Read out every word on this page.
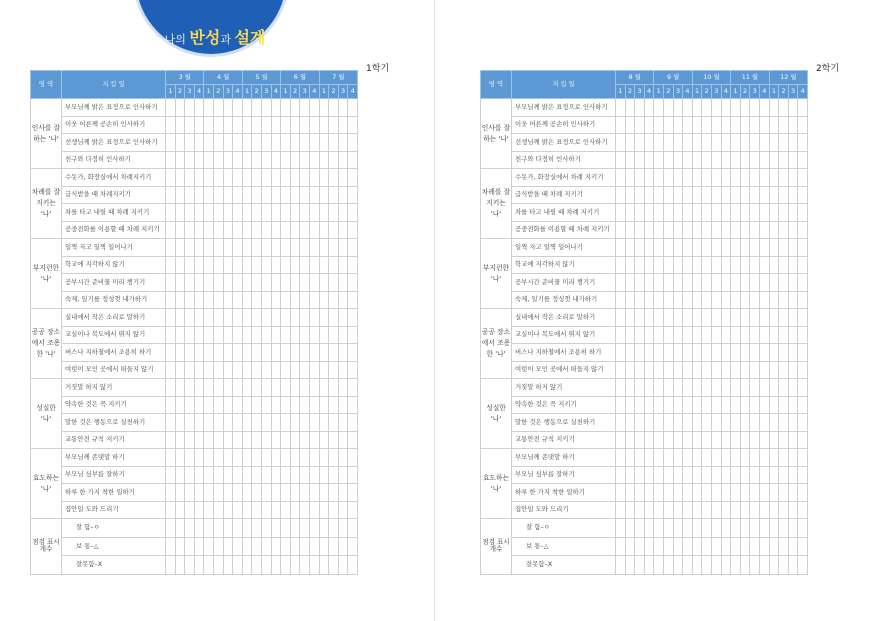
나의 반성과 설계
1학기	2학기
영 역	지 킬 일	3 월				4 월				5 월				6 월				7 월			
		1	2	3	4	1	2	3	4	1	2	3	4	1	2	3	4	1	2	3	4
인사를 잘하는 '나'	부모님께 밝은 표정으로 인사하기																				
	이웃 어른께 공손히 인사하기																				
	선생님께 밝은 표정으로 인사하기																				
	친구와 다정히 인사하기																				
차례를 잘 지키는 '나'	수돗가, 화장실에서 차례지키기																				
	급식받을 때 차례지키기																				
	차를 타고 내릴 때 차례 지키기																				
	공중전화를 이용할 때 차례 지키기																				
부지런한 '나'	일찍 자고 일찍 일어나기																				
	학교에 지각하지 않기																				
	공부시간 준비물 미리 챙기기																				
	숙제, 일기를 정성껏 내가하기																				
공공 장소에서 조용한 '나'	실내에서 작은 소리로 말하기																				
	교실이나 복도에서 뛰지 않기																				
	버스나 지하철에서 조용히 하기																				
	여럿이 모인 곳에서 떠들지 않기																				
성실한 '나'	거짓말 하지 않기																				
	약속한 것은 꼭 지키기																				
	말한 것은 행동으로 실천하기																				
	교통안전 규칙 지키기																				
효도하는 '나'	부모님께 존댓말 하기																				
	부모님 심부름 잘하기																				
	하루 한 가지 착한 일하기																				
	집안일 도와 드리기																				
점검 표시 개수	잘 함–ㅇ																				
	보 통–△																				
	잘못함–X																				
영 역	지 킬 일	8 월				9 월				10 월				11 월				12 월			
		1	2	3	4	1	2	3	4	1	2	3	4	1	2	3	4	1	2	3	4
인사를 잘하는 '나'	부모님께 밝은 표정으로 인사하기																				
	이웃 어른께 공손히 인사하기																				
	선생님께 밝은 표정으로 인사하기																				
	친구와 다정히 인사하기																				
차례를 잘 지키는 '나'	수돗가, 화장실에서 차례 지키기																				
	급식받을 때 차례 지키기																				
	차를 타고 내릴 때 차례 지키기																				
	공중전화를 이용할 때 차례 지키기																				
부지런한 '나'	일찍 자고 일찍 일어나기																				
	학교에 지각하지 않기																				
	공부시간 준비물 미리 챙기기																				
	숙제, 일기를 정성껏 내가하기																				
공공 장소에서 조용한 '나'	실내에서 작은 소리로 말하기																				
	교실이나 복도에서 뛰지 않기																				
	버스나 지하철에서 조용히 하기																				
	여럿이 모인 곳에서 떠들지 않기																				
성실한 '나'	거짓말 하지 않기																				
	약속한 것은 꼭 지키기																				
	말한 것은 행동으로 실천하기																				
	교통안전 규칙 지키기																				
효도하는 '나'	부모님께 존댓말 하기																				
	부모님 심부름 잘하기																				
	하루 한 가지 착한 일하기																				
	집안일 도와 드리기																				
점검 표시 개수	잘 함–ㅇ																				
	보 통–△																				
	잘못함–X																				
